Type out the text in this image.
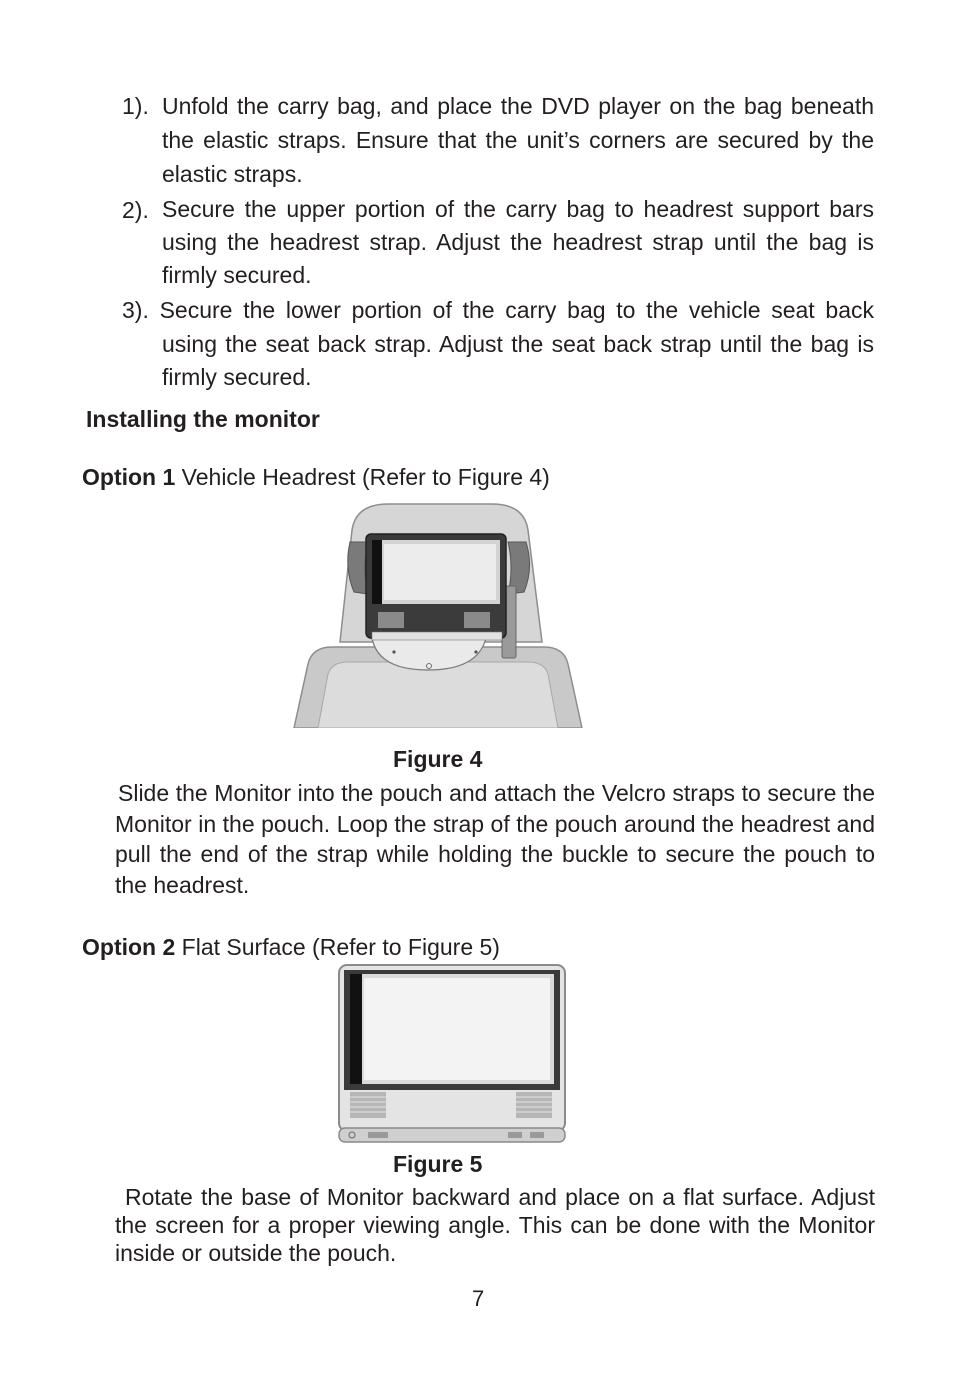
1). Unfold the carry bag, and place the DVD player on the bag beneath the elastic straps. Ensure that the unit’s corners are secured by the elastic straps.
2). Secure the upper portion of the carry bag to headrest support bars using the headrest strap. Adjust the headrest strap until the bag is firmly secured.
3). Secure the lower portion of the carry bag to the vehicle seat back
using the seat back strap. Adjust the seat back strap until the bag is firmly secured.
Installing the monitor
Option 1 Vehicle Headrest (Refer to Figure 4)
Figure 4
Slide the Monitor into the pouch and attach the Velcro straps to secure the Monitor in the pouch. Loop the strap of the pouch around the headrest and pull the end of the strap while holding the buckle to secure the pouch to the headrest.
Option 2 Flat Surface (Refer to Figure 5)
Figure 5
Rotate the base of Monitor backward and place on a flat surface. Adjust the screen for a proper viewing angle. This can be done with the Monitor inside or outside the pouch.
7
